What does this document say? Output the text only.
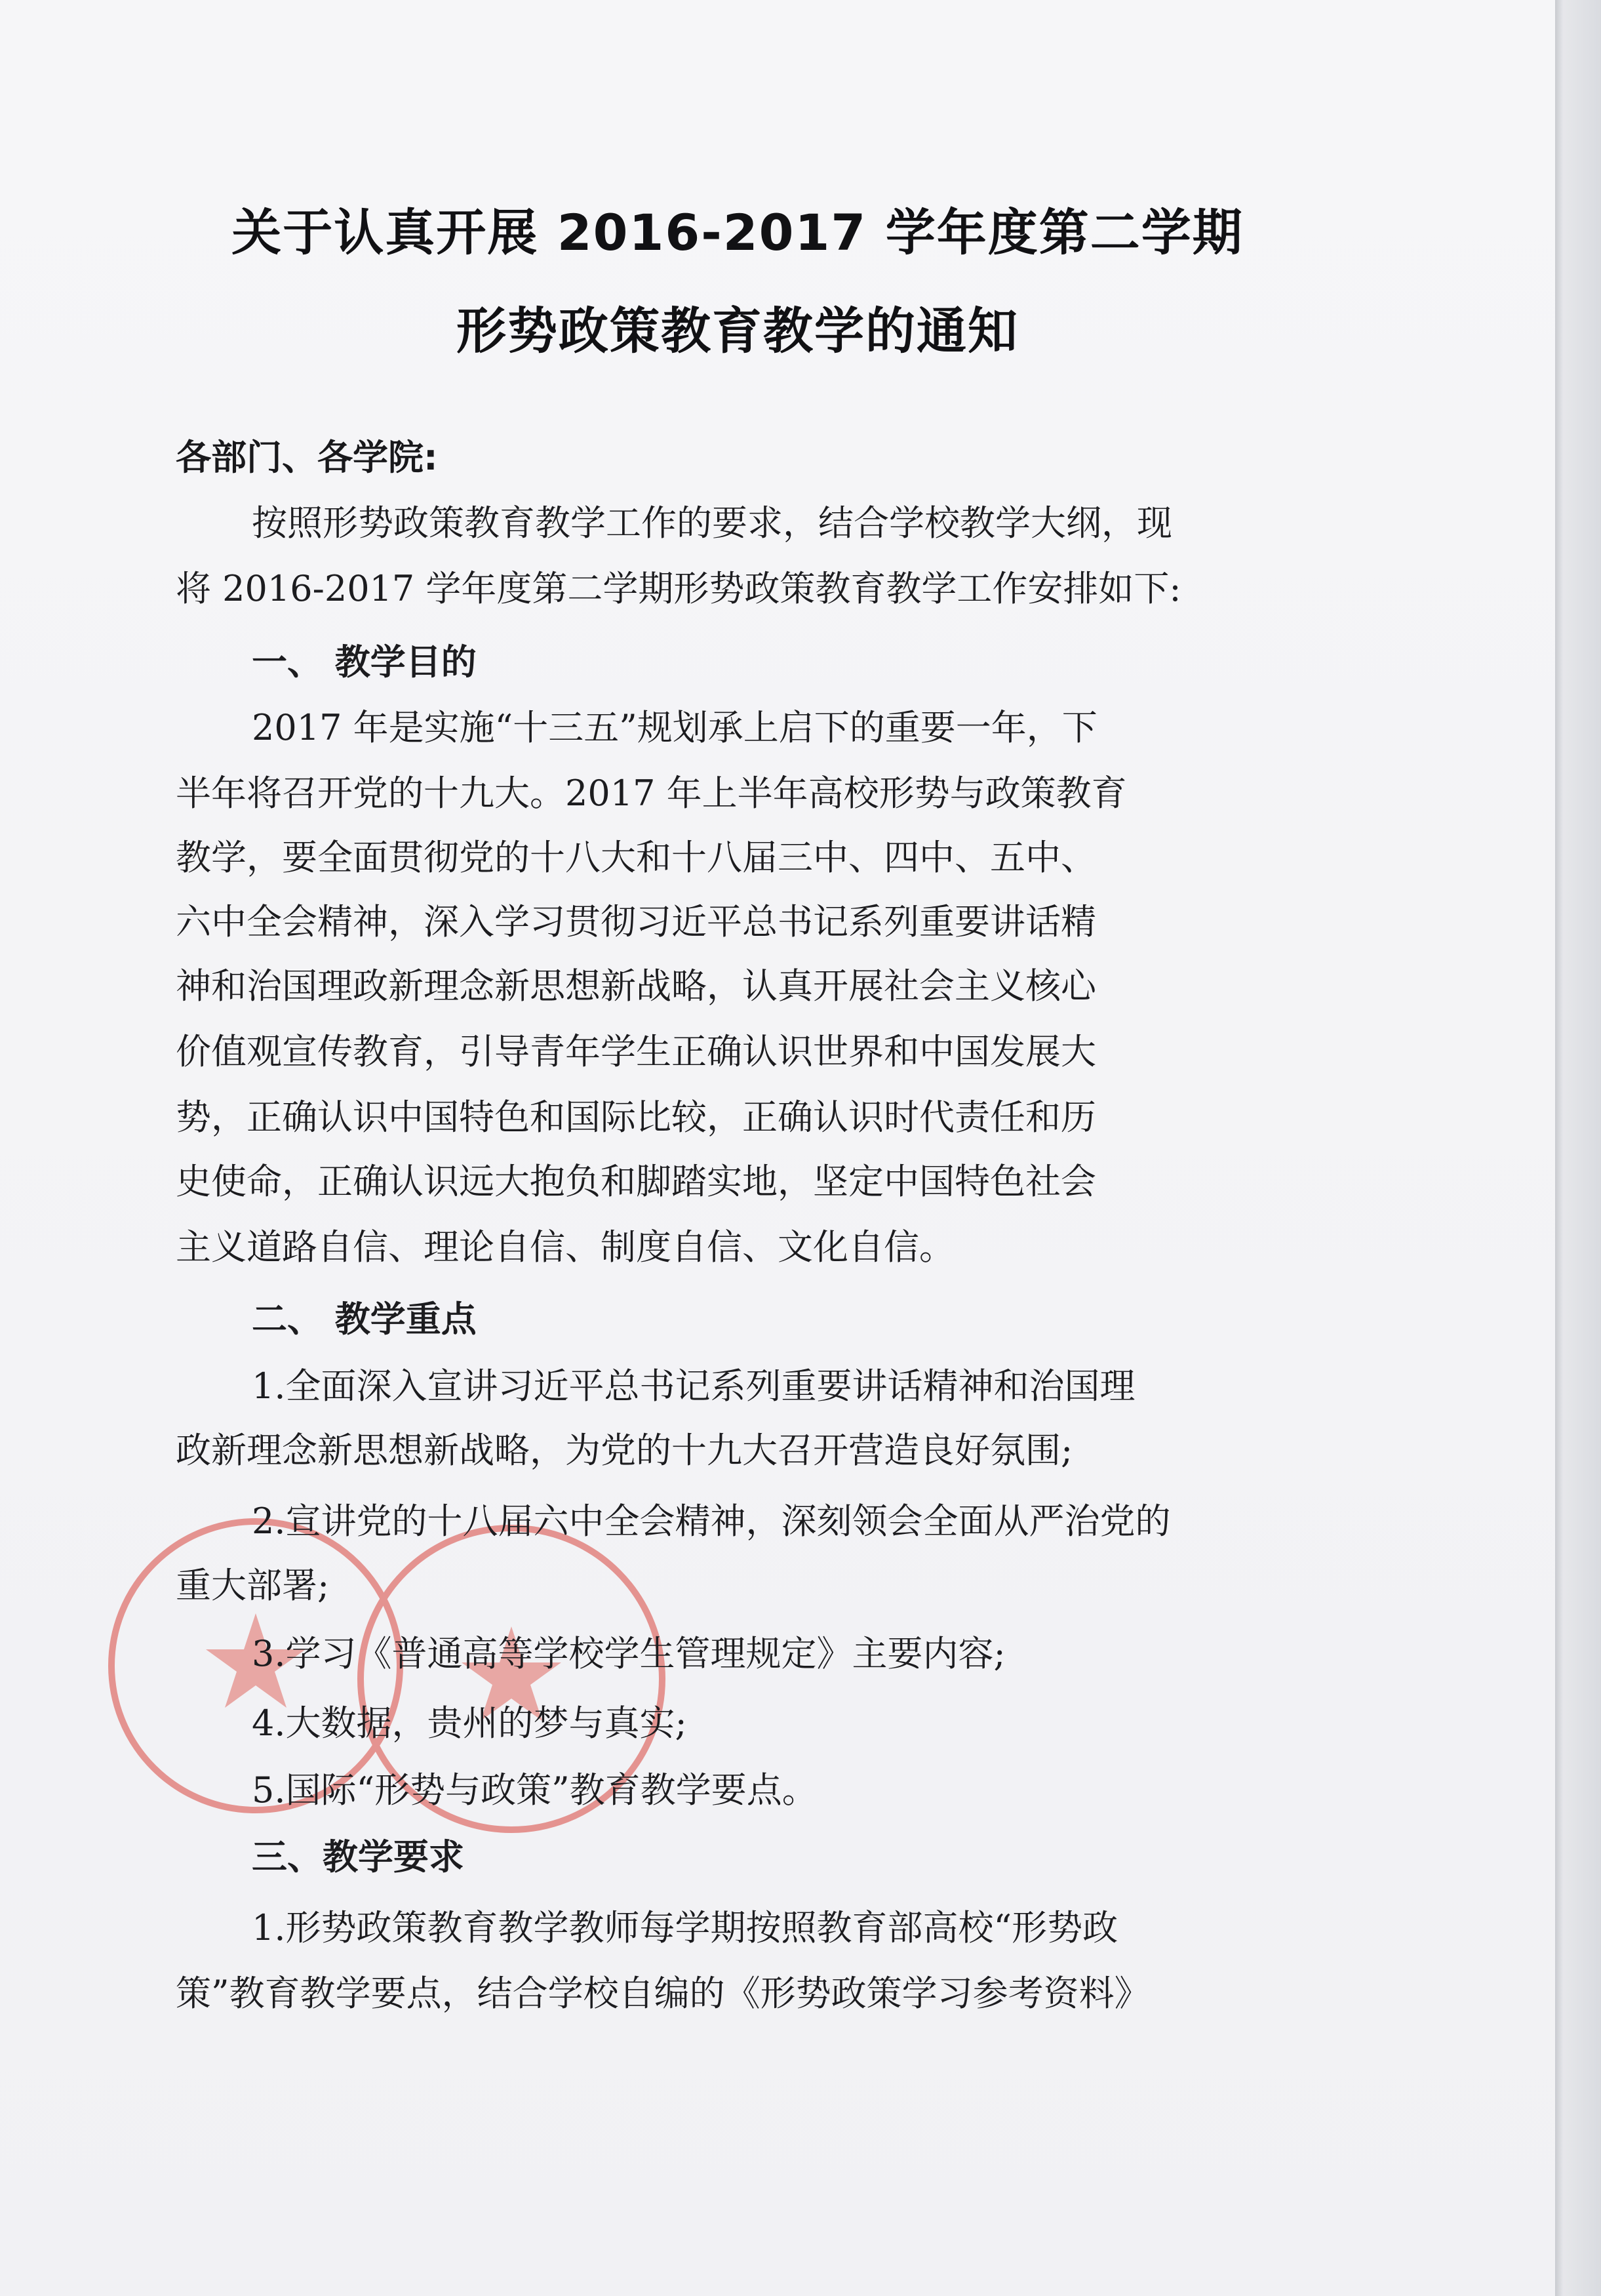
关于认真开展 2016-2017 学年度第二学期
形势政策教育教学的通知
各部门、各学院:
按照形势政策教育教学工作的要求，结合学校教学大纲，现
将 2016-2017 学年度第二学期形势政策教育教学工作安排如下:
一、 教学目的
2017 年是实施“十三五”规划承上启下的重要一年，下
半年将召开党的十九大。2017 年上半年高校形势与政策教育
教学，要全面贯彻党的十八大和十八届三中、四中、五中、
六中全会精神，深入学习贯彻习近平总书记系列重要讲话精
神和治国理政新理念新思想新战略，认真开展社会主义核心
价值观宣传教育，引导青年学生正确认识世界和中国发展大
势，正确认识中国特色和国际比较，正确认识时代责任和历
史使命，正确认识远大抱负和脚踏实地，坚定中国特色社会
主义道路自信、理论自信、制度自信、文化自信。
二、 教学重点
1.全面深入宣讲习近平总书记系列重要讲话精神和治国理
政新理念新思想新战略，为党的十九大召开营造良好氛围;
2.宣讲党的十八届六中全会精神，深刻领会全面从严治党的
重大部署;
3.学习《普通高等学校学生管理规定》主要内容;
4.大数据，贵州的梦与真实;
5.国际“形势与政策”教育教学要点。
三、教学要求
1.形势政策教育教学教师每学期按照教育部高校“形势政
策”教育教学要点，结合学校自编的《形势政策学习参考资料》
